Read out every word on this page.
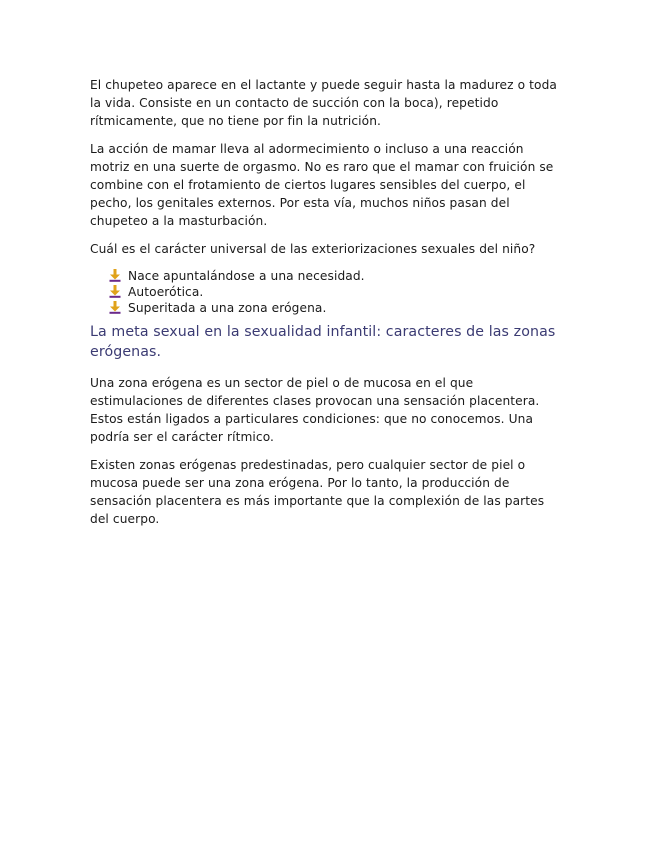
El chupeteo aparece en el lactante y puede seguir hasta la madurez o toda la vida. Consiste en un contacto de succión con la boca), repetido rítmicamente, que no tiene por fin la nutrición.

La acción de mamar lleva al adormecimiento o incluso a una reacción motriz en una suerte de orgasmo. No es raro que el mamar con fruición se combine con el frotamiento de ciertos lugares sensibles del cuerpo, el pecho, los genitales externos. Por esta vía, muchos niños pasan del chupeteo a la masturbación.

Cuál es el carácter universal de las exteriorizaciones sexuales del niño?

Nace apuntalándose a una necesidad.
Autoerótica.
Superitada a una zona erógena.
La meta sexual en la sexualidad infantil: caracteres de las zonas erógenas.

Una zona erógena es un sector de piel o de mucosa en el que estimulaciones de diferentes clases provocan una sensación placentera. Estos están ligados a particulares condiciones: que no conocemos. Una podría ser el carácter rítmico.

Existen zonas erógenas predestinadas, pero cualquier sector de piel o mucosa puede ser una zona erógena. Por lo tanto, la producción de sensación placentera es más importante que la complexión de las partes del cuerpo.
